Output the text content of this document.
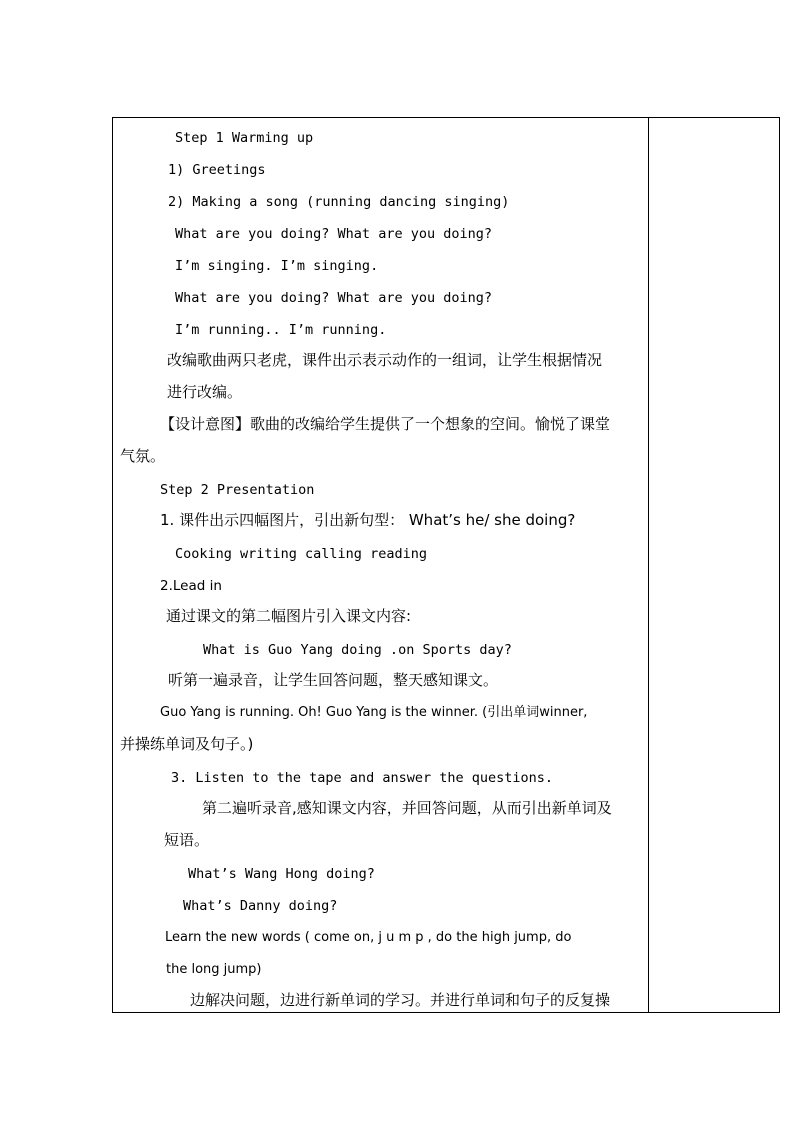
Step 1 Warming up
1) Greetings
2) Making a song (running dancing singing)
What are you doing? What are you doing?
I’m singing. I’m singing.
What are you doing? What are you doing?
I’m running.. I’m running.
改编歌曲两只老虎，课件出示表示动作的一组词，让学生根据情况
进行改编。
【设计意图】歌曲的改编给学生提供了一个想象的空间。愉悦了课堂
气氛。
Step 2 Presentation
1. 课件出示四幅图片，引出新句型： What’s he/ she doing?
Cooking writing calling reading
2.Lead in
通过课文的第二幅图片引入课文内容:
What is Guo Yang doing .on Sports day?
听第一遍录音，让学生回答问题，整天感知课文。
Guo Yang is running. Oh! Guo Yang is the winner. (引出单词winner,
并操练单词及句子。)
3. Listen to the tape and answer the questions.
第二遍听录音,感知课文内容，并回答问题，从而引出新单词及
短语。
What’s Wang Hong doing?
What’s Danny doing?
Learn the new words ( come on, j u m p , do the high jump, do
the long jump)
边解决问题，边进行新单词的学习。并进行单词和句子的反复操
